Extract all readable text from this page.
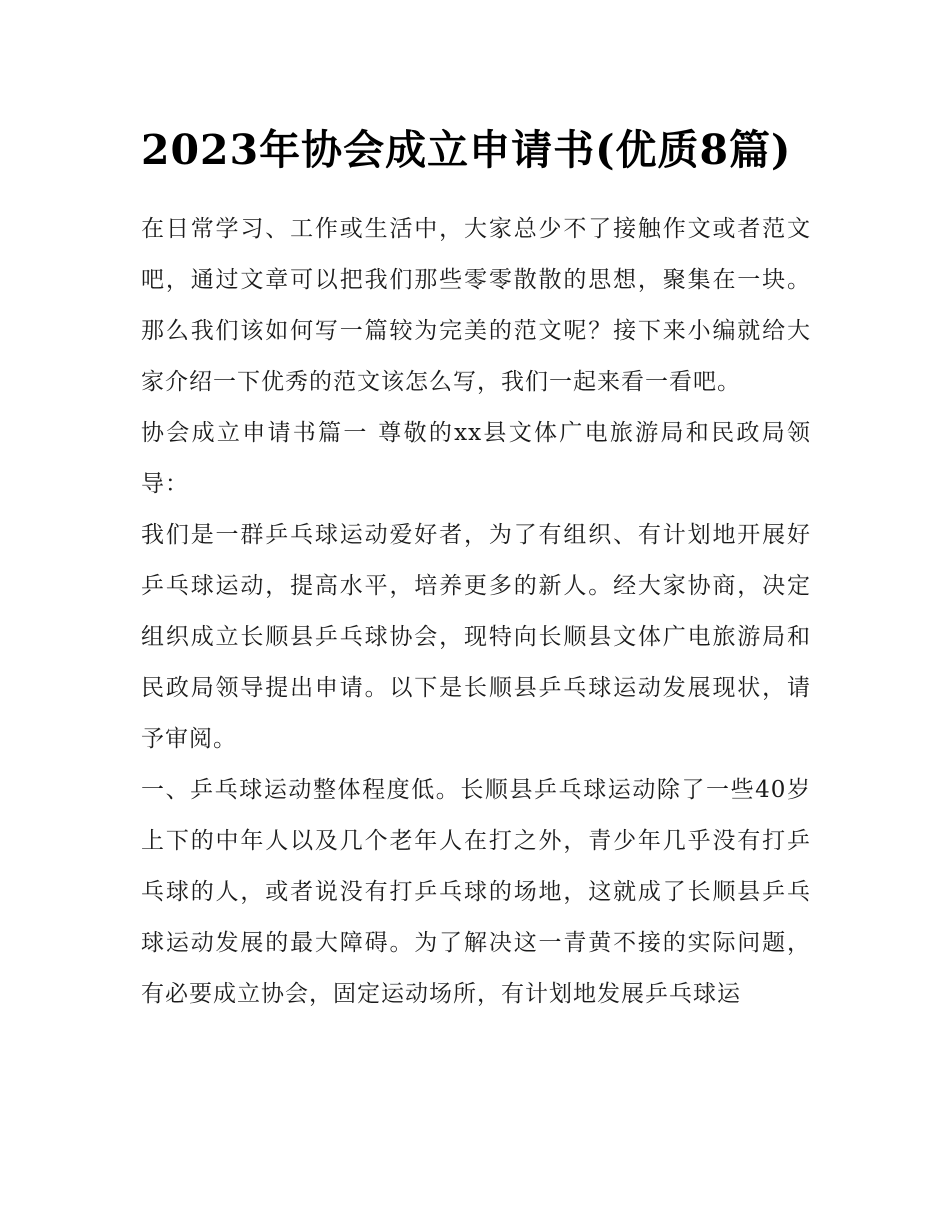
2023年协会成立申请书(优质8篇)

在日常学习、工作或生活中，大家总少不了接触作文或者范文吧，通过文章可以把我们那些零零散散的思想，聚集在一块。那么我们该如何写一篇较为完美的范文呢？接下来小编就给大家介绍一下优秀的范文该怎么写，我们一起来看一看吧。

协会成立申请书篇一 尊敬的xx县文体广电旅游局和民政局领导：

我们是一群乒乓球运动爱好者，为了有组织、有计划地开展好乒乓球运动，提高水平，培养更多的新人。经大家协商，决定组织成立长顺县乒乓球协会，现特向长顺县文体广电旅游局和民政局领导提出申请。以下是长顺县乒乓球运动发展现状，请予审阅。

一、乒乓球运动整体程度低。长顺县乒乓球运动除了一些40岁上下的中年人以及几个老年人在打之外，青少年几乎没有打乒乓球的人，或者说没有打乒乓球的场地，这就成了长顺县乒乓球运动发展的最大障碍。为了解决这一青黄不接的实际问题，有必要成立协会，固定运动场所，有计划地发展乒乓球运
